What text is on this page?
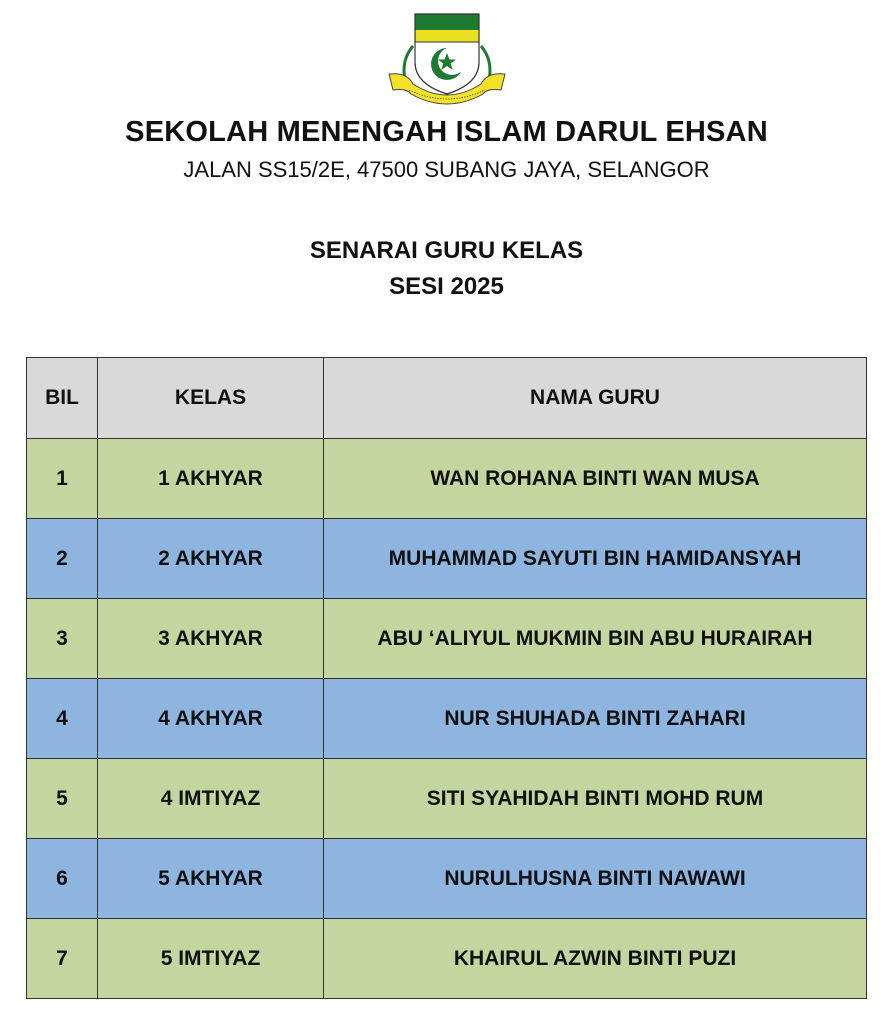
SEKOLAH MENENGAH ISLAM DARUL EHSAN
JALAN SS15/2E, 47500 SUBANG JAYA, SELANGOR
SENARAI GURU KELAS
SESI 2025
BIL	KELAS	NAMA GURU
1	1 AKHYAR	WAN ROHANA BINTI WAN MUSA
2	2 AKHYAR	MUHAMMAD SAYUTI BIN HAMIDANSYAH
3	3 AKHYAR	ABU ‘ALIYUL MUKMIN BIN ABU HURAIRAH
4	4 AKHYAR	NUR SHUHADA BINTI ZAHARI
5	4 IMTIYAZ	SITI SYAHIDAH BINTI MOHD RUM
6	5 AKHYAR	NURULHUSNA BINTI NAWAWI
7	5 IMTIYAZ	KHAIRUL AZWIN BINTI PUZI
